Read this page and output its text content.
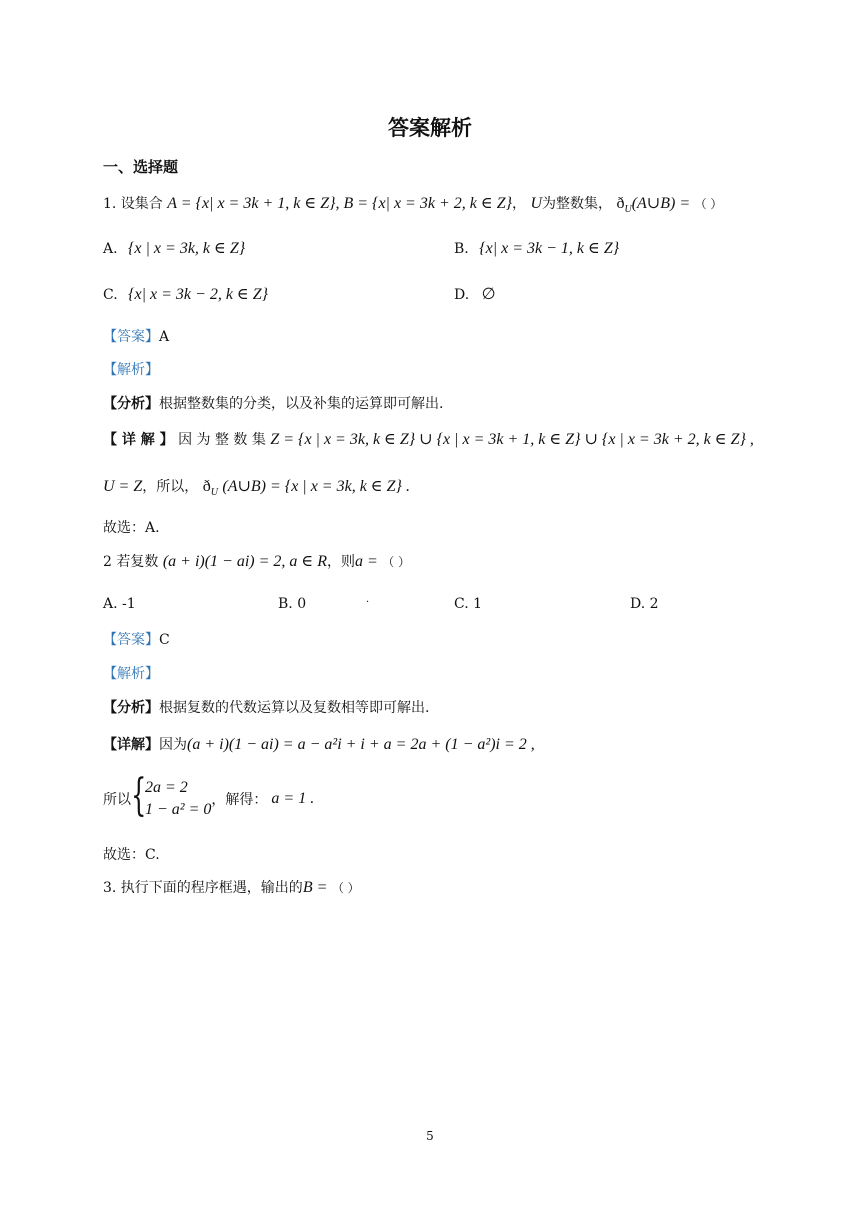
答案解析
一、选择题
1. 设集合 A = {x| x = 3k + 1, k ∈ Z}, B = {x| x = 3k + 2, k ∈ Z}， U为整数集， $ð_U(A\cup B)$ = （ ）
A. {x | x = 3k, k ∈ Z}	B. {x| x = 3k − 1, k ∈ Z}
C. {x| x = 3k − 2, k ∈ Z}	D. ∅
【答案】A
【解析】
【分析】根据整数集的分类，以及补集的运算即可解出.
【 详 解 】 因 为 整 数 集 Z = {x | x = 3k, k ∈ Z} ∪ {x | x = 3k + 1, k ∈ Z} ∪ {x | x = 3k + 2, k ∈ Z} ,
U = Z，所以， $ð_U$ (A∪B) = {x | x = 3k, k ∈ Z} .
故选：A.
2 若复数 (a + i)(1 − ai) = 2, a ∈ R，则a = （ ）
A. -1	B. 0	·	C. 1	D. 2
【答案】C
【解析】
【分析】根据复数的代数运算以及复数相等即可解出.
【详解】因为(a + i)(1 − ai) = a − a²i + i + a = 2a + (1 − a²)i = 2 ,
所以 {
2a = 2
1 − a² = 0
，解得： a = 1 .
故选：C.
3. 执行下面的程序框遇，输出的B = （ ）
5
